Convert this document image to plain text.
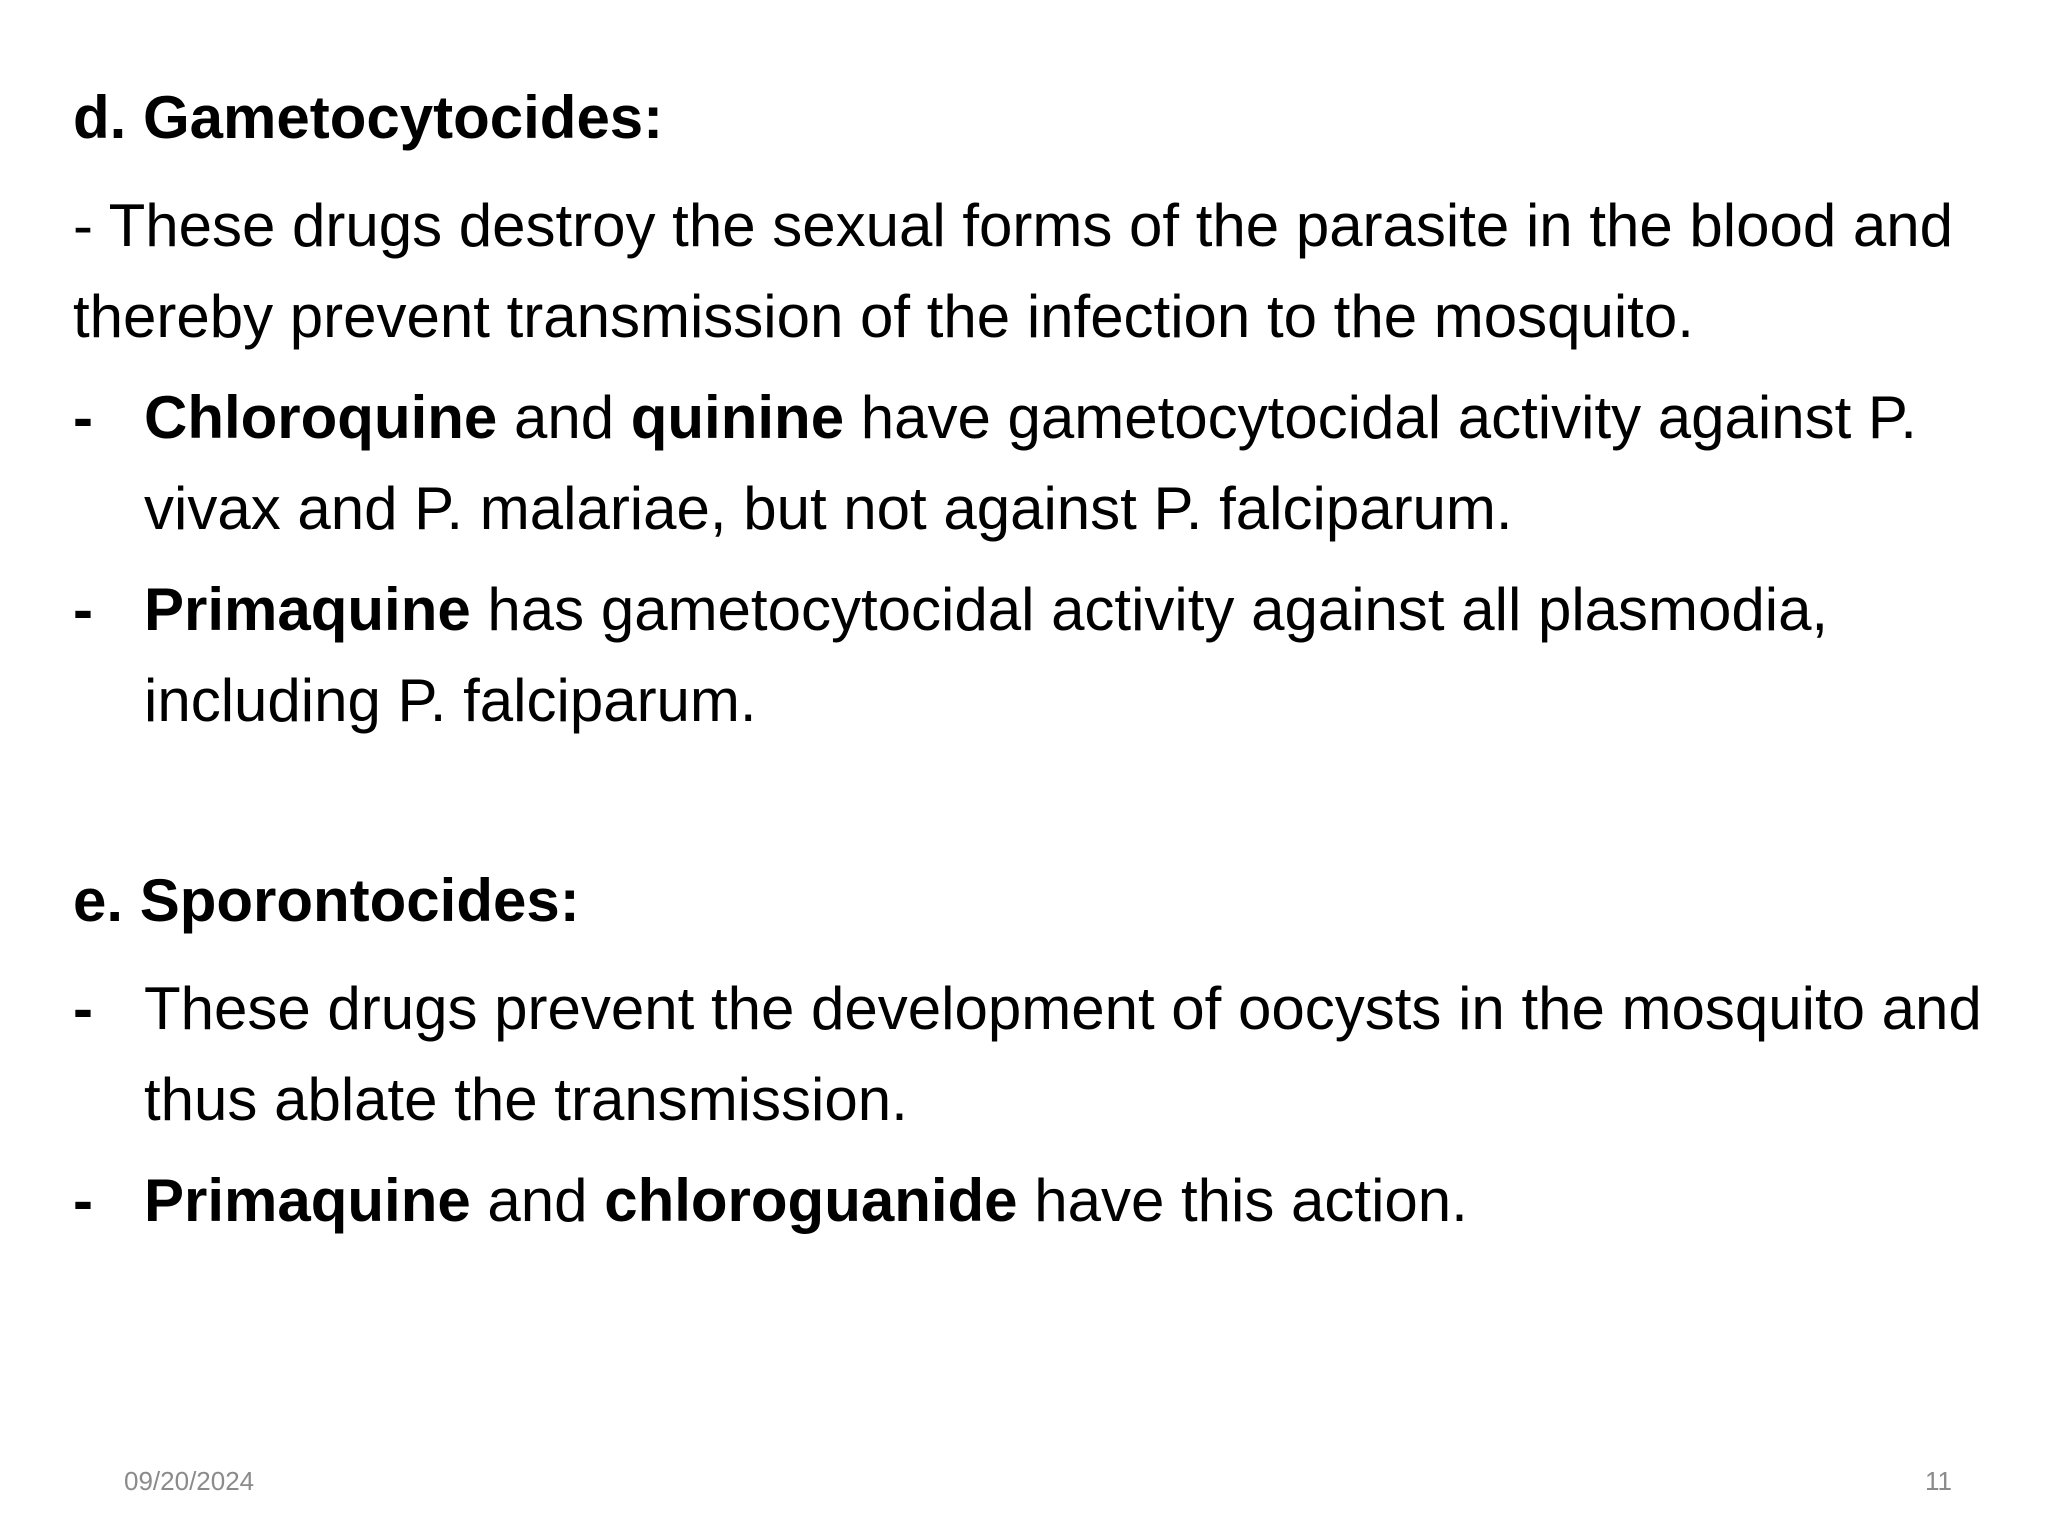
d. Gametocytocides:

- These drugs destroy the sexual forms of the parasite in the blood and thereby prevent transmission of the infection to the mosquito.

- Chloroquine and quinine have gametocytocidal activity against P. vivax and P. malariae, but not against P. falciparum.

- Primaquine has gametocytocidal activity against all plasmodia, including P. falciparum.

e. Sporontocides:

- These drugs prevent the development of oocysts in the mosquito and thus ablate the transmission.

- Primaquine and chloroguanide have this action.

09/20/2024	11
